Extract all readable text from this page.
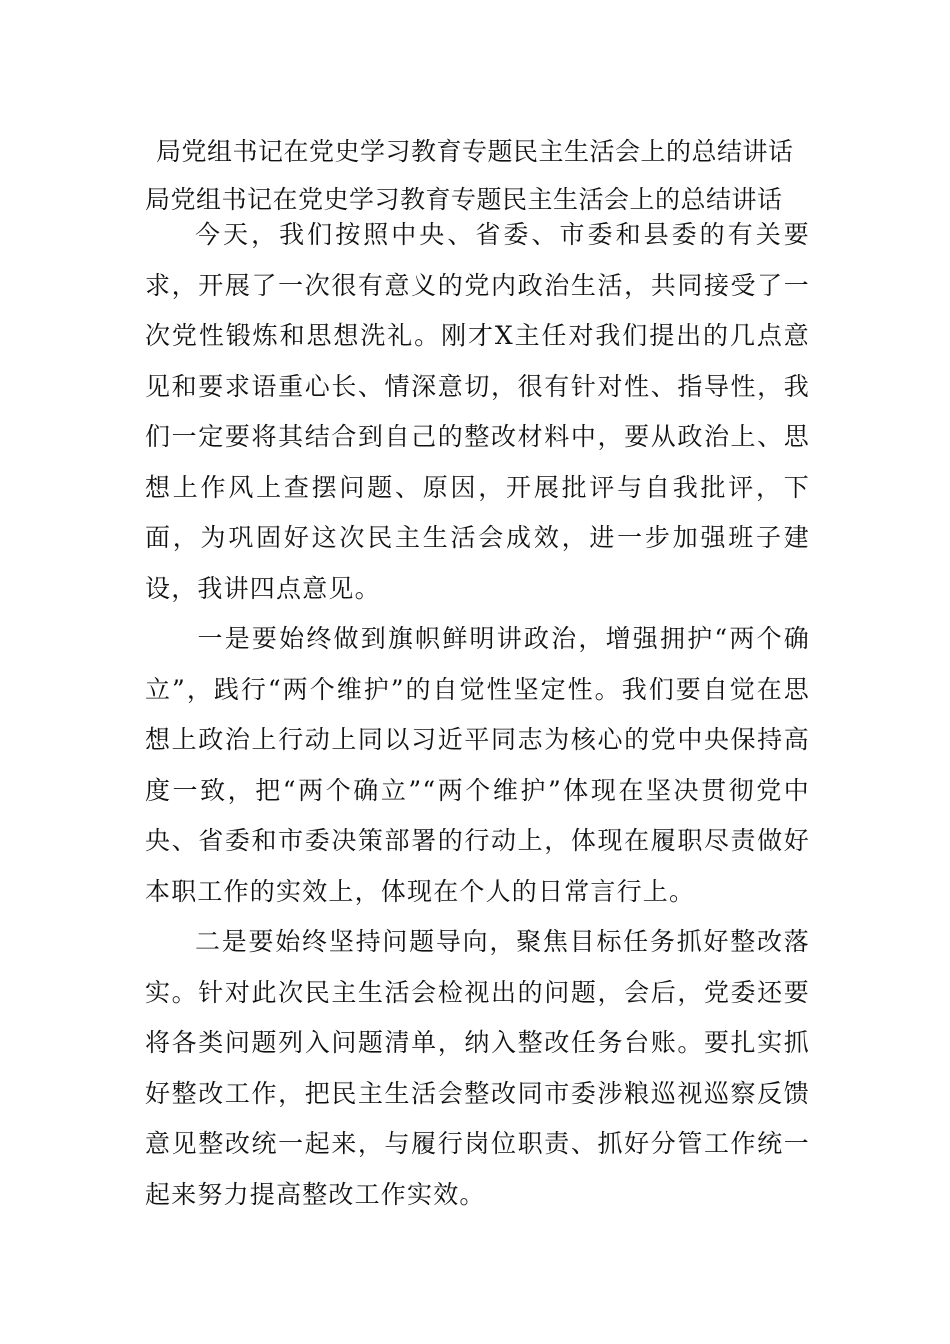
局党组书记在党史学习教育专题民主生活会上的总结讲话
局党组书记在党史学习教育专题民主生活会上的总结讲话

今天，我们按照中央、省委、市委和县委的有关要求，开展了一次很有意义的党内政治生活，共同接受了一次党性锻炼和思想洗礼。刚才X主任对我们提出的几点意见和要求语重心长、情深意切，很有针对性、指导性，我们一定要将其结合到自己的整改材料中，要从政治上、思想上作风上查摆问题、原因，开展批评与自我批评，下面，为巩固好这次民主生活会成效，进一步加强班子建设，我讲四点意见。

一是要始终做到旗帜鲜明讲政治，增强拥护“两个确立”，践行“两个维护”的自觉性坚定性。我们要自觉在思想上政治上行动上同以习近平同志为核心的党中央保持高度一致，把“两个确立”“两个维护”体现在坚决贯彻党中央、省委和市委决策部署的行动上，体现在履职尽责做好本职工作的实效上，体现在个人的日常言行上。

二是要始终坚持问题导向，聚焦目标任务抓好整改落实。针对此次民主生活会检视出的问题，会后，党委还要将各类问题列入问题清单，纳入整改任务台账。要扎实抓好整改工作，把民主生活会整改同市委涉粮巡视巡察反馈意见整改统一起来，与履行岗位职责、抓好分管工作统一起来努力提高整改工作实效。
